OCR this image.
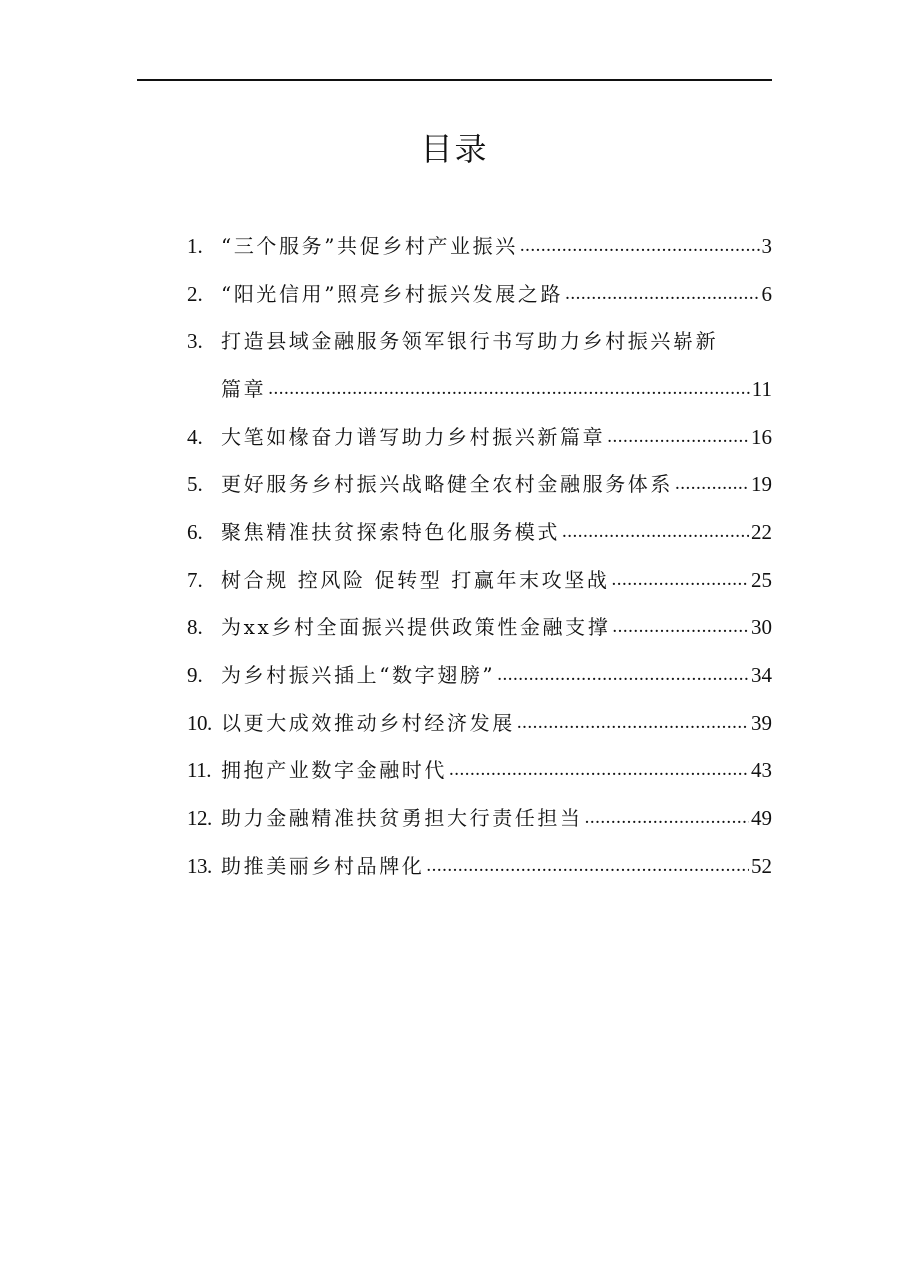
目录
1. “三个服务”共促乡村产业振兴 .....	3
2. “阳光信用”照亮乡村振兴发展之路 .....	6
3. 打造县域金融服务领军银行书写助力乡村振兴崭新
篇章 .....	11
4. 大笔如椽奋力谱写助力乡村振兴新篇章 .....	16
5. 更好服务乡村振兴战略健全农村金融服务体系 .....	19
6. 聚焦精准扶贫探索特色化服务模式 .....	22
7. 树合规 控风险 促转型 打赢年末攻坚战 .....	25
8. 为xx乡村全面振兴提供政策性金融支撑 .....	30
9. 为乡村振兴插上“数字翅膀” .....	34
10. 以更大成效推动乡村经济发展 .....	39
11. 拥抱产业数字金融时代 .....	43
12. 助力金融精准扶贫勇担大行责任担当 .....	49
13. 助推美丽乡村品牌化 .....	52
